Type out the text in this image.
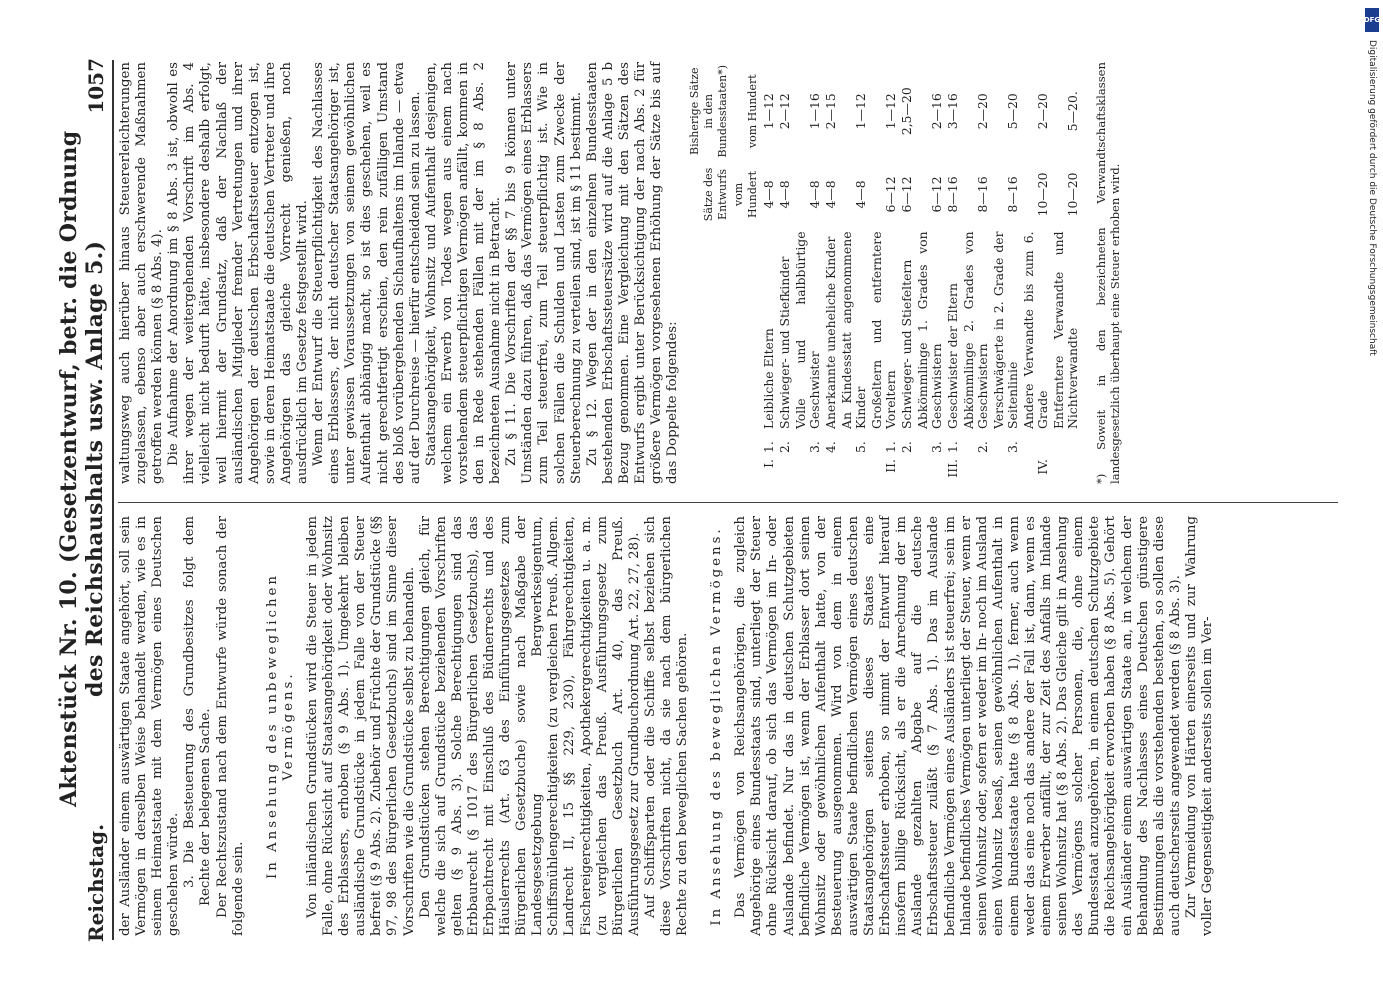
Reichstag.
Aktenstück Nr. 10. (Gesetzentwurf, betr. die Ordnung des Reichshaushalts usw. Anlage 5.)
1057

der Ausländer einem auswärtigen Staate angehört, soll sein Vermögen in derselben Weise behandelt werden, wie es in seinem Heimatstaate mit dem Vermögen eines Deutschen geschehen würde. 3. Die Besteuerung des Grundbesitzes folgt dem Rechte der belegenen Sache. Der Rechtszustand nach dem Entwurfe würde sonach der folgende sein.

In Ansehung des unbeweglichen Vermögens. Von inländischen Grundstücken wird die Steuer in jedem Falle, ohne Rücksicht auf Staatsangehörigkeit oder Wohnsitz des Erblassers, erhoben (§ 9 Abs. 1). Umgekehrt bleiben ausländische Grundstücke in jedem Falle von der Steuer befreit (§ 9 Abs. 2). Zubehör und Früchte der Grundstücke (§§ 97, 98 des Bürgerlichen Gesetzbuchs) sind im Sinne dieser Vorschriften wie die Grundstücke selbst zu behandeln. Den Grundstücken stehen Berechtigungen gleich, für welche die sich auf Grundstücke beziehenden Vorschriften gelten (§ 9 Abs. 3). Solche Berechtigungen sind das Erbbaurecht (§ 1017 des Bürgerlichen Gesetzbuchs), das Erbpachtrecht mit Einschluß des Büdnerrechts und des Häuslerrechts (Art. 63 des Einführungsgesetzes zum Bürgerlichen Gesetzbuche) sowie nach Maßgabe der Landesgesetzgebung Bergwerkseigentum, Schiffsmühlengerechtigkeiten (zu vergleichen Preuß. Allgem. Landrecht II, 15 §§ 229, 230), Fährgerechtigkeiten, Fischereigerechtigkeiten, Apothekergerechtigkeiten u. a. m. (zu vergleichen das Preuß. Ausführungsgesetz zum Bürgerlichen Gesetzbuch Art. 40, das Preuß. Ausführungsgesetz zur Grundbuchordnung Art. 22, 27, 28). Auf Schiffsparten oder die Schiffe selbst beziehen sich diese Vorschriften nicht, da sie nach dem bürgerlichen Rechte zu den beweglichen Sachen gehören. In Ansehung des beweglichen Vermögens. Das Vermögen von Reichsangehörigen, die zugleich Angehörige eines Bundesstaats sind, unterliegt der Steuer ohne Rücksicht darauf, ob sich das Vermögen im In- oder Auslande befindet. Nur das in deutschen Schutzgebieten befindliche Vermögen ist, wenn der Erblasser dort seinen Wohnsitz oder gewöhnlichen Aufenthalt hatte, von der Besteuerung ausgenommen. Wird von dem in einem auswärtigen Staate befindlichen Vermögen eines deutschen Staatsangehörigen seitens dieses Staates eine Erbschaftssteuer erhoben, so nimmt der Entwurf hierauf insofern billige Rücksicht, als er die Anrechnung der im Auslande gezahlten Abgabe auf die deutsche Erbschaftssteuer zuläßt (§ 7 Abs. 1). Das im Auslande befindliche Vermögen eines Ausländers ist steuerfrei; sein im Inlande befindliches Vermögen unterliegt der Steuer, wenn er seinen Wohnsitz oder, sofern er weder im In- noch im Ausland einen Wohnsitz besaß, seinen gewöhnlichen Aufenthalt in einem Bundesstaate hatte (§ 8 Abs. 1), ferner, auch wenn weder das eine noch das andere der Fall ist, dann, wenn es einem Erwerber anfällt, der zur Zeit des Anfalls im Inlande seinen Wohnsitz hat (§ 8 Abs. 2). Das Gleiche gilt in Ansehung des Vermögens solcher Personen, die, ohne einem Bundesstaat anzugehören, in einem deutschen Schutzgebiete die Reichsangehörigkeit erworben haben (§ 8 Abs. 5). Gehört ein Ausländer einem auswärtigen Staate an, in welchem der Behandlung des Nachlasses eines Deutschen günstigere Bestimmungen als die vorstehenden bestehen, so sollen diese auch deutscherseits angewendet werden (§ 8 Abs. 3). Zur Vermeidung von Härten einerseits und zur Wahrung voller Gegenseitigkeit anderseits sollen im Ver-

waltungsweg auch hierüber hinaus Steuererleichterungen zugelassen, ebenso aber auch erschwerende Maßnahmen getroffen werden können (§ 8 Abs. 4). Die Aufnahme der Anordnung im § 8 Abs. 3 ist, obwohl es ihrer wegen der weitergehenden Vorschrift im Abs. 4 vielleicht nicht bedurft hätte, insbesondere deshalb erfolgt, weil hiermit der Grundsatz, daß der Nachlaß der ausländischen Mitglieder fremder Vertretungen und ihrer Angehörigen der deutschen Erbschaftssteuer entzogen ist, sowie in deren Heimatstaate die deutschen Vertreter und ihre Angehörigen das gleiche Vorrecht genießen, noch ausdrücklich im Gesetze festgestellt wird. Wenn der Entwurf die Steuerpflichtigkeit des Nachlasses eines Erblassers, der nicht deutscher Staatsangehöriger ist, unter gewissen Voraussetzungen von seinem gewöhnlichen Aufenthalt abhängig macht, so ist dies geschehen, weil es nicht gerechtfertigt erschien, den rein zufälligen Umstand des bloß vorübergehenden Sichaufhaltens im Inlande — etwa auf der Durchreise — hierfür entscheidend sein zu lassen. Staatsangehörigkeit, Wohnsitz und Aufenthalt desjenigen, welchem ein Erwerb von Todes wegen aus einem nach vorstehendem steuerpflichtigen Vermögen anfällt, kommen in den in Rede stehenden Fällen mit der im § 8 Abs. 2 bezeichneten Ausnahme nicht in Betracht. Zu § 11. Die Vorschriften der §§ 7 bis 9 können unter Umständen dazu führen, daß das Vermögen eines Erblassers zum Teil steuerfrei, zum Teil steuerpflichtig ist. Wie in solchen Fällen die Schulden und Lasten zum Zwecke der Steuerberechnung zu verteilen sind, ist im § 11 bestimmt. Zu § 12. Wegen der in den einzelnen Bundesstaaten bestehenden Erbschaftssteuersätze wird auf die Anlage 5 b Bezug genommen. Eine Vergleichung mit den Sätzen des Entwurfs ergibt unter Berücksichtigung der nach Abs. 2 für größere Vermögen vorgesehenen Erhöhung der Sätze bis auf das Doppelte folgendes:

			Sätze des Entwurfs	Bisherige Sätze in den Bundesstaaten*)
			vom Hundert	vom Hundert
I.	1.	Leibliche Eltern	4—8	1—12
	2.	Schwieger- und Stiefkinder	4—8	2—12
	3.	Volle und halbbürtige Geschwister	4—8	1—16
	4.	Anerkannte uneheliche Kinder	4—8	2—15
	5.	An Kindesstatt angenommene Kinder	4—8	1—12
II.	1.	Großeltern und entferntere Voreltern	6—12	1—12
	2.	Schwieger- und Stiefeltern	6—12	2,5—20
	3.	Abkömmlinge 1. Grades von Geschwistern	6—12	2—16
III.	1.	Geschwister der Eltern	8—16	3—16
	2.	Abkömmlinge 2. Grades von Geschwistern	8—16	2—20
	3.	Verschwägerte in 2. Grade der Seitenlinie	8—16	5—20
IV.		Andere Verwandte bis zum 6. Grade	10—20	2—20
		Entferntere Verwandte und Nichtverwandte	10—20	5—20. *) Soweit in den bezeichneten Verwandtschaftsklassen landesgesetzlich überhaupt eine Steuer erhoben wird.
DFG
Digitalisierung gefördert durch die Deutsche Forschungsgemeinschaft
